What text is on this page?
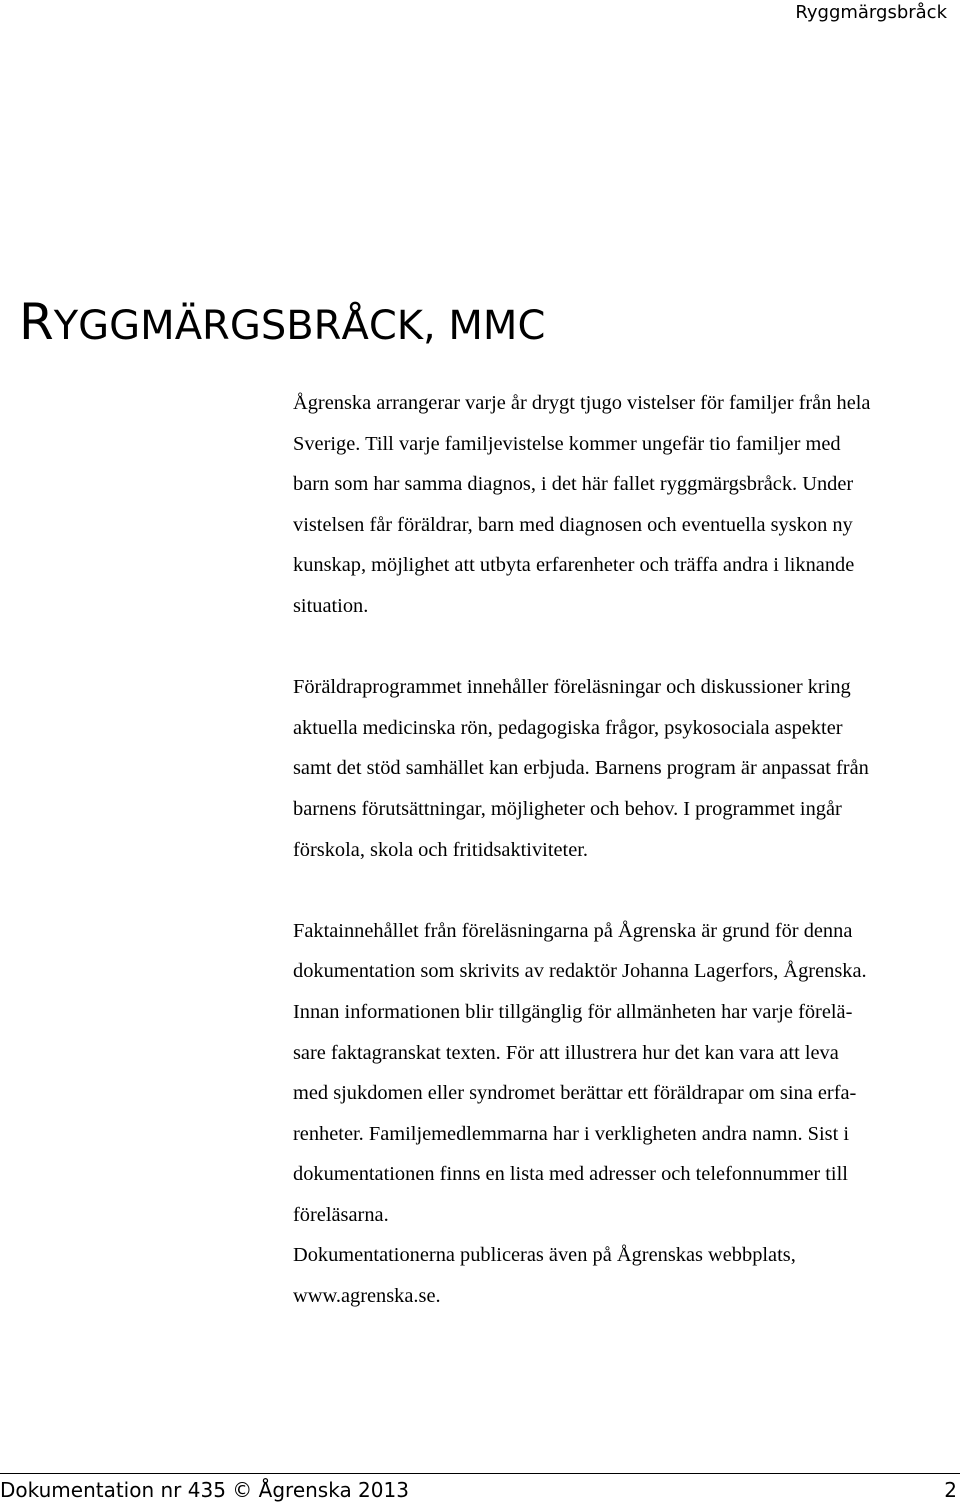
Ryggmärgsbråck
RYGGMÄRGSBRÅCK, MMC

Ågrenska arrangerar varje år drygt tjugo vistelser för familjer från hela
Sverige. Till varje familjevistelse kommer ungefär tio familjer med
barn som har samma diagnos, i det här fallet ryggmärgsbråck. Under
vistelsen får föräldrar, barn med diagnosen och eventuella syskon ny
kunskap, möjlighet att utbyta erfarenheter och träffa andra i liknande
situation.

Föräldraprogrammet innehåller föreläsningar och diskussioner kring
aktuella medicinska rön, pedagogiska frågor, psykosociala aspekter
samt det stöd samhället kan erbjuda. Barnens program är anpassat från
barnens förutsättningar, möjligheter och behov. I programmet ingår
förskola, skola och fritidsaktiviteter.

Faktainnehållet från föreläsningarna på Ågrenska är grund för denna
dokumentation som skrivits av redaktör Johanna Lagerfors, Ågrenska.
Innan informationen blir tillgänglig för allmänheten har varje förelä-
sare faktagranskat texten. För att illustrera hur det kan vara att leva
med sjukdomen eller syndromet berättar ett föräldrapar om sina erfa-
renheter. Familjemedlemmarna har i verkligheten andra namn. Sist i
dokumentationen finns en lista med adresser och telefonnummer till
föreläsarna.

Dokumentationerna publiceras även på Ågrenskas webbplats,
www.agrenska.se.

Dokumentation nr 435 © Ågrenska 2013	2
